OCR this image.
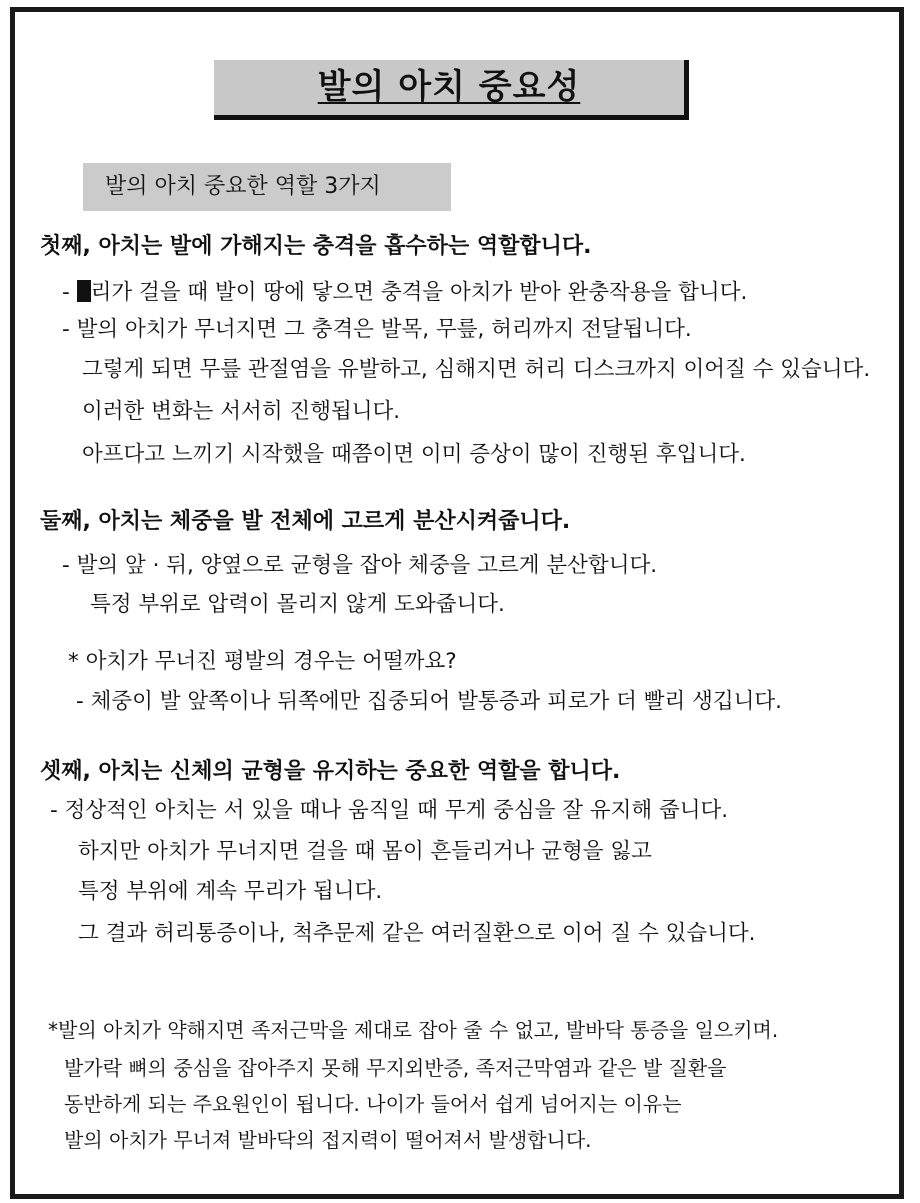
발의 아치 중요성
발의 아치 중요한 역할 3가지
첫째, 아치는 발에 가해지는 충격을 흡수하는 역할합니다.
- 리가 걸을 때 발이 땅에 닿으면 충격을 아치가 받아 완충작용을 합니다.
- 발의 아치가 무너지면 그 충격은 발목, 무릎, 허리까지 전달됩니다.
그렇게 되면 무릎 관절염을 유발하고, 심해지면 허리 디스크까지 이어질 수 있습니다.
이러한 변화는 서서히 진행됩니다.
아프다고 느끼기 시작했을 때쯤이면 이미 증상이 많이 진행된 후입니다.
둘째, 아치는 체중을 발 전체에 고르게 분산시켜줍니다.
- 발의 앞 · 뒤, 양옆으로 균형을 잡아 체중을 고르게 분산합니다.
특정 부위로 압력이 몰리지 않게 도와줍니다.
* 아치가 무너진 평발의 경우는 어떨까요?
- 체중이 발 앞쪽이나 뒤쪽에만 집중되어 발통증과 피로가 더 빨리 생깁니다.
셋째, 아치는 신체의 균형을 유지하는 중요한 역할을 합니다.
- 정상적인 아치는 서 있을 때나 움직일 때 무게 중심을 잘 유지해 줍니다.
하지만 아치가 무너지면 걸을 때 몸이 흔들리거나 균형을 잃고
특정 부위에 계속 무리가 됩니다.
그 결과 허리통증이나, 척추문제 같은 여러질환으로 이어 질 수 있습니다.
*발의 아치가 약해지면 족저근막을 제대로 잡아 줄 수 없고, 발바닥 통증을 일으키며.
발가락 뼈의 중심을 잡아주지 못해 무지외반증, 족저근막염과 같은 발 질환을
동반하게 되는 주요원인이 됩니다. 나이가 들어서 쉽게 넘어지는 이유는
발의 아치가 무너져 발바닥의 접지력이 떨어져서 발생합니다.
